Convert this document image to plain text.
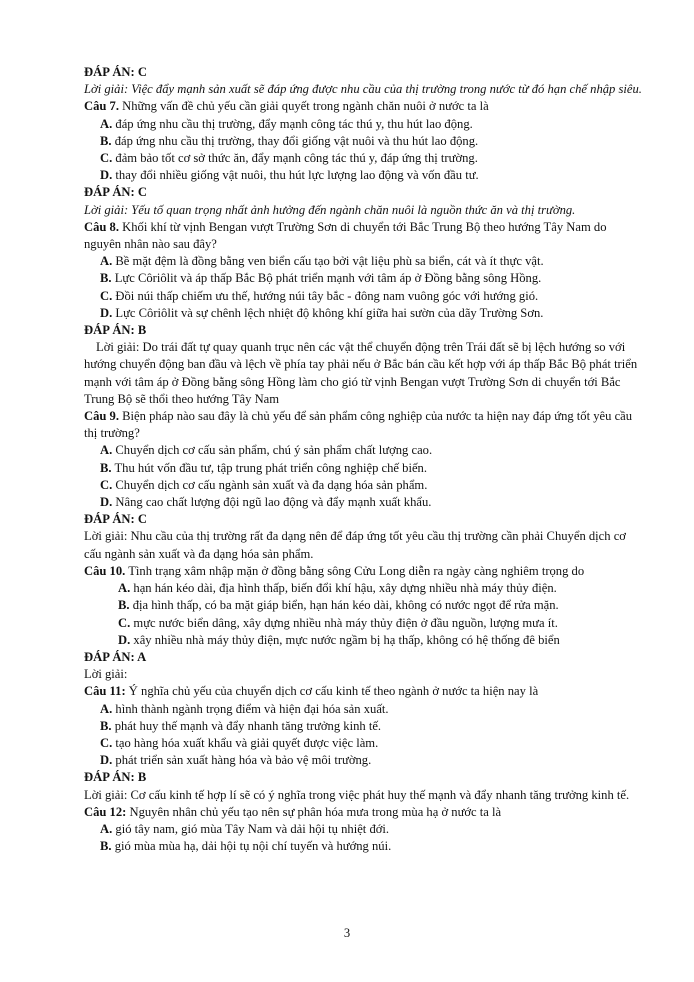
ĐÁP ÁN: C
Lời giải: Việc đẩy mạnh sản xuất sẽ đáp ứng được nhu cầu của thị trường trong nước từ đó hạn chế nhập siêu.
Câu 7. Những vấn đề chủ yếu cần giải quyết trong ngành chăn nuôi ở nước ta là
A. đáp ứng nhu cầu thị trường, đẩy mạnh công tác thú y, thu hút lao động.
B. đáp ứng nhu cầu thị trường, thay đổi giống vật nuôi và thu hút lao động.
C. đảm bảo tốt cơ sở thức ăn, đẩy mạnh công tác thú y, đáp ứng thị trường.
D. thay đổi nhiều giống vật nuôi, thu hút lực lượng lao động và vốn đầu tư.
ĐÁP ÁN: C
Lời giải: Yếu tố quan trọng nhất ảnh hưởng đến ngành chăn nuôi là nguồn thức ăn và thị trường.
Câu 8. Khối khí từ vịnh Bengan vượt Trường Sơn di chuyển tới Bắc Trung Bộ theo hướng Tây Nam do nguyên nhân nào sau đây?
A. Bề mặt đệm là đồng bằng ven biển cấu tạo bởi vật liệu phù sa biển, cát và ít thực vật.
B. Lực Côriôlit và áp thấp Bắc Bộ phát triển mạnh với tâm áp ở Đồng bằng sông Hồng.
C. Đồi núi thấp chiếm ưu thế, hướng núi tây bắc - đông nam vuông góc với hướng gió.
D. Lực Côriôlit và sự chênh lệch nhiệt độ không khí giữa hai sườn của dãy Trường Sơn.
ĐÁP ÁN: B
Lời giải: Do trái đất tự quay quanh trục nên các vật thể chuyển động trên Trái đất sẽ bị lệch hướng so với hướng chuyển động ban đầu và lệch về phía tay phải nếu ở Bắc bán cầu kết hợp với áp thấp Bắc Bộ phát triển mạnh với tâm áp ở Đồng bằng sông Hồng làm cho gió từ vịnh Bengan vượt Trường Sơn di chuyển tới Bắc Trung Bộ sẽ thổi theo hướng Tây Nam
Câu 9. Biện pháp nào sau đây là chủ yếu để sản phẩm công nghiệp của nước ta hiện nay đáp ứng tốt yêu cầu thị trường?
A. Chuyển dịch cơ cấu sản phẩm, chú ý sản phẩm chất lượng cao.
B. Thu hút vốn đầu tư, tập trung phát triển công nghiệp chế biến.
C. Chuyển dịch cơ cấu ngành sản xuất và đa dạng hóa sản phẩm.
D. Nâng cao chất lượng đội ngũ lao động và đẩy mạnh xuất khẩu.
ĐÁP ÁN: C
Lời giải: Nhu cầu của thị trường rất đa dạng nên để đáp ứng tốt yêu cầu thị trường cần phải Chuyển dịch cơ cấu ngành sản xuất và đa dạng hóa sản phẩm.
Câu 10. Tình trạng xâm nhập mặn ở đồng bằng sông Cửu Long diễn ra ngày càng nghiêm trọng do
A. hạn hán kéo dài, địa hình thấp, biến đổi khí hậu, xây dựng nhiều nhà máy thủy điện.
B. địa hình thấp, có ba mặt giáp biển, hạn hán kéo dài, không có nước ngọt để rửa mặn.
C. mực nước biển dâng, xây dựng nhiều nhà máy thủy điện ở đầu nguồn, lượng mưa ít.
D. xây nhiều nhà máy thủy điện, mực nước ngầm bị hạ thấp, không có hệ thống đê biển
ĐÁP ÁN: A
Lời giải:
Câu 11: Ý nghĩa chủ yếu của chuyển dịch cơ cấu kinh tế theo ngành ở nước ta hiện nay là
A. hình thành ngành trọng điểm và hiện đại hóa sản xuất.
B. phát huy thế mạnh và đẩy nhanh tăng trưởng kinh tế.
C. tạo hàng hóa xuất khẩu và giải quyết được việc làm.
D. phát triển sản xuất hàng hóa và bảo vệ môi trường.
ĐÁP ÁN: B
Lời giải: Cơ cấu kinh tế hợp lí sẽ có ý nghĩa trong việc phát huy thế mạnh và đẩy nhanh tăng trưởng kinh tế.
Câu 12: Nguyên nhân chủ yếu tạo nên sự phân hóa mưa trong mùa hạ ở nước ta là
A. gió tây nam, gió mùa Tây Nam và dải hội tụ nhiệt đới.
B. gió mùa mùa hạ, dải hội tụ nội chí tuyến và hướng núi.
3
